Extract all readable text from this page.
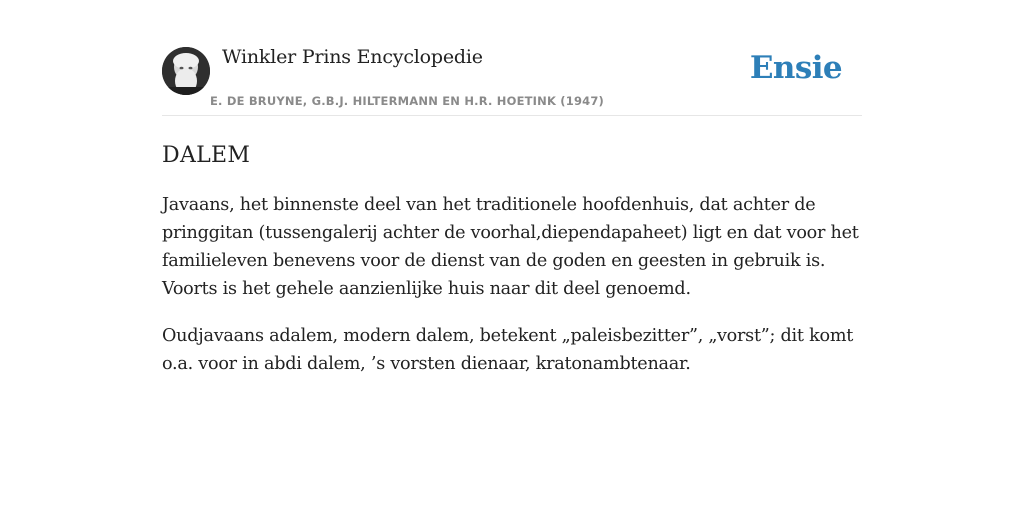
Winkler Prins Encyclopedie
E. DE BRUYNE, G.B.J. HILTERMANN EN H.R. HOETINK (1947)
Ensie
DALEM

Javaans, het binnenste deel van het traditionele hoofdenhuis, dat achter de pringgitan (tussengalerij achter de voorhal,diependapaheet) ligt en dat voor het familieleven benevens voor de dienst van de goden en geesten in gebruik is. Voorts is het gehele aanzienlijke huis naar dit deel genoemd.

Oudjavaans adalem, modern dalem, betekent „paleisbezitter”, „vorst”; dit komt o.a. voor in abdi dalem, ’s vorsten dienaar, kratonambtenaar.
